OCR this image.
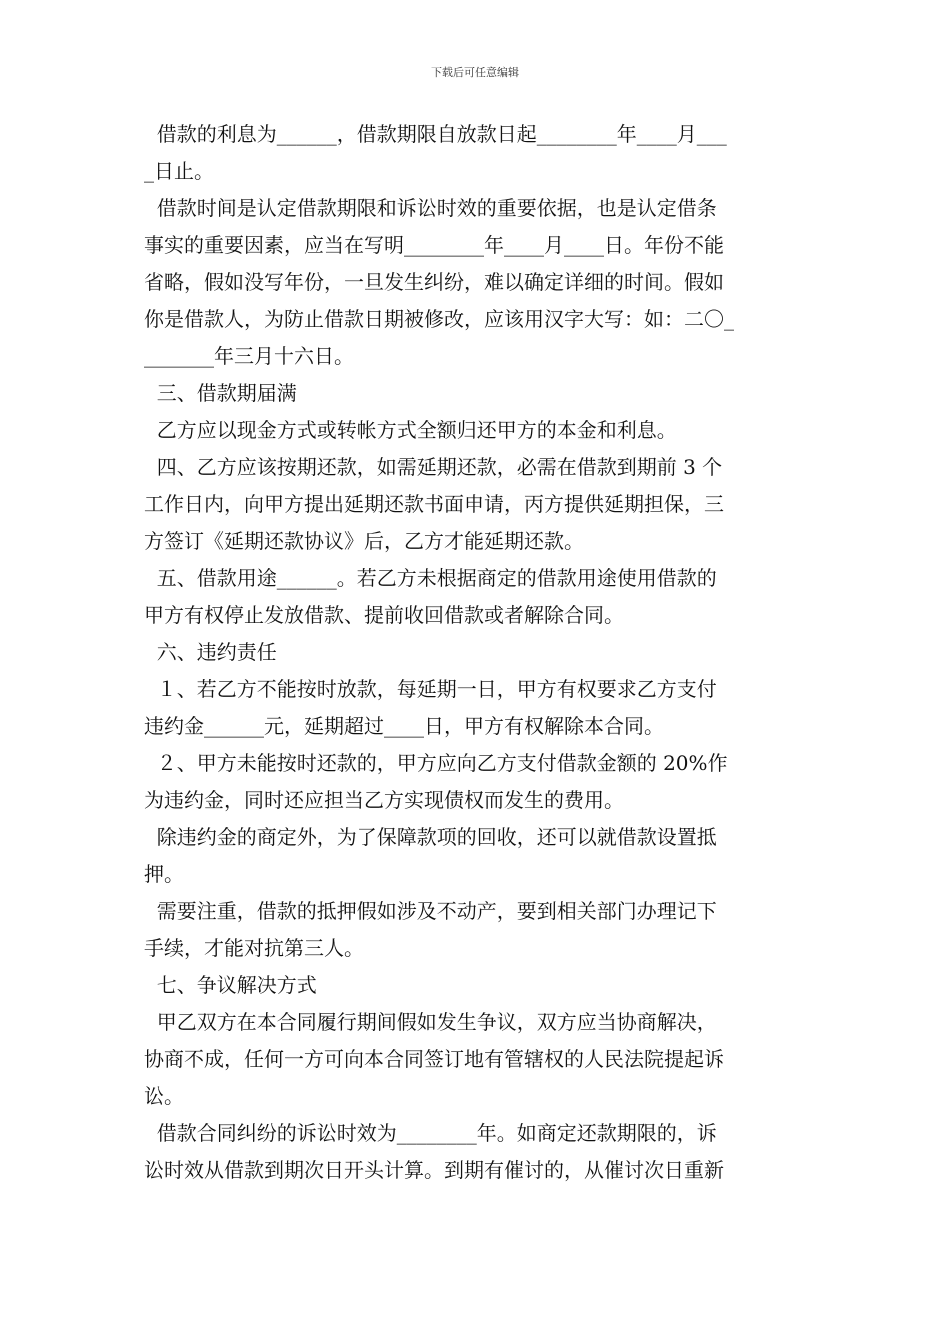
下载后可任意编辑
借款的利息为______，借款期限自放款日起________年____月___
_日止。
借款时间是认定借款期限和诉讼时效的重要依据，也是认定借条
事实的重要因素，应当在写明________年____月____日。年份不能
省略，假如没写年份，一旦发生纠纷，难以确定详细的时间。假如
你是借款人，为防止借款日期被修改，应该用汉字大写：如：二〇_
_______年三月十六日。
三、借款期届满
乙方应以现金方式或转帐方式全额归还甲方的本金和利息。
四、乙方应该按期还款，如需延期还款，必需在借款到期前 3 个
工作日内，向甲方提出延期还款书面申请，丙方提供延期担保，三
方签订《延期还款协议》后，乙方才能延期还款。
五、借款用途______。若乙方未根据商定的借款用途使用借款的
甲方有权停止发放借款、提前收回借款或者解除合同。
六、违约责任
１、若乙方不能按时放款，每延期一日，甲方有权要求乙方支付
违约金______元，延期超过____日，甲方有权解除本合同。
２、甲方未能按时还款的，甲方应向乙方支付借款金额的 20%作
为违约金，同时还应担当乙方实现债权而发生的费用。
除违约金的商定外，为了保障款项的回收，还可以就借款设置抵
押。
需要注重，借款的抵押假如涉及不动产，要到相关部门办理记下
手续，才能对抗第三人。
七、争议解决方式
甲乙双方在本合同履行期间假如发生争议，双方应当协商解决，
协商不成，任何一方可向本合同签订地有管辖权的人民法院提起诉
讼。
借款合同纠纷的诉讼时效为________年。如商定还款期限的，诉
讼时效从借款到期次日开头计算。到期有催讨的，从催讨次日重新
